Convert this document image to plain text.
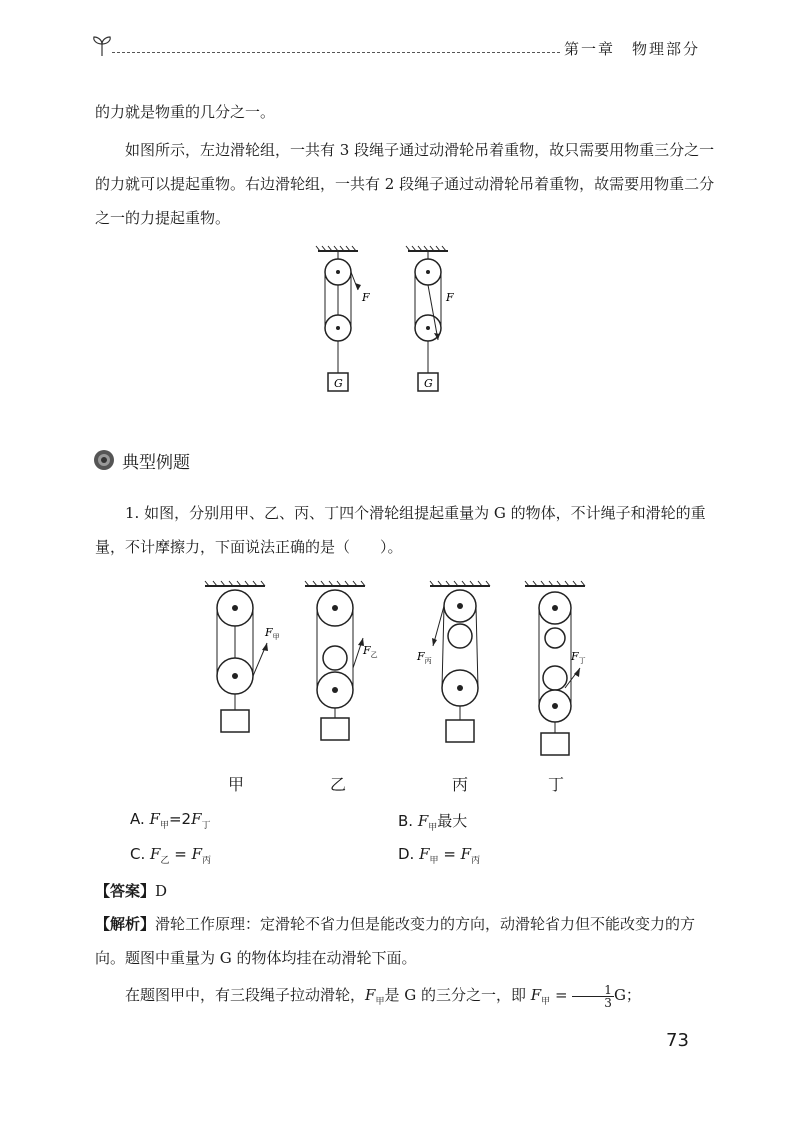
第一章　物理部分

的力就是物重的几分之一。

如图所示，左边滑轮组，一共有 3 段绳子通过动滑轮吊着重物，故只需要用物重三分之一的力就可以提起重物。右边滑轮组，一共有 2 段绳子通过动滑轮吊着重物，故需要用物重二分之一的力提起重物。

F
G
F
G
典型例题

1. 如图，分别用甲、乙、丙、丁四个滑轮组提起重量为 G 的物体，不计绳子和滑轮的重量，不计摩擦力，下面说法正确的是（　　）。

$F_甲$
$F_乙$	$F_丙$	$F_丁$
甲	乙	丙	丁
A. $F_甲=2F_丁$	B. $F_甲$最大
C. $F_乙 = F_丙$	D. $F_甲 = F_丙$

【答案】D

【解析】滑轮工作原理：定滑轮不省力但是能改变力的方向，动滑轮省力但不能改变力的方向。题图中重量为 G 的物体均挂在动滑轮下面。

在题图甲中，有三段绳子拉动滑轮，$F_甲$是 G 的三分之一，即 $F_甲 = \frac{1}{3}$ G；

73
